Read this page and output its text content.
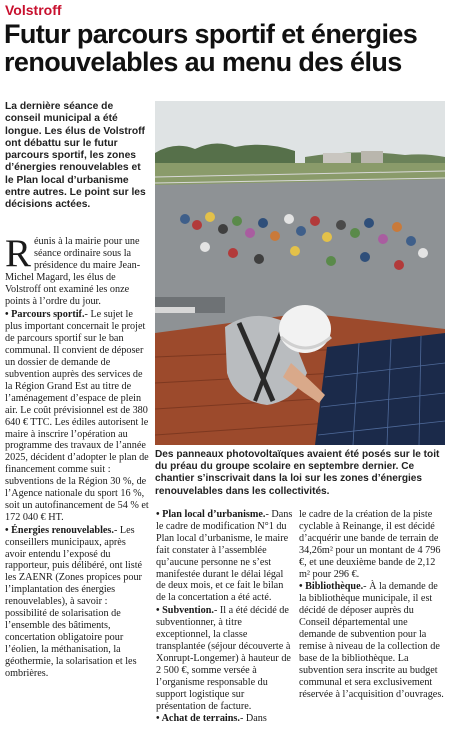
Volstroff
Futur parcours sportif et énergies renouvelables au menu des élus

La dernière séance de conseil municipal a été longue. Les élus de Volstroff ont débattu sur le futur parcours sportif, les zones d’énergies renouvelables et le Plan local d’urbanisme entre autres. Le point sur les décisions actées.

Des panneaux photovoltaïques avaient été posés sur le toit du préau du groupe scolaire en septembre dernier. Ce chantier s’inscrivait dans la loi sur les zones d’énergies renouvelables dans les collectivités.

Réunis à la mairie pour une séance ordinaire sous la présidence du maire Jean-Michel Magard, les élus de Volstroff ont examiné les onze points à l’ordre du jour.

• Parcours sportif.- Le sujet le plus important concernait le projet de parcours sportif sur le ban communal. Il convient de déposer un dossier de demande de subvention auprès des services de la Région Grand Est au titre de l’aménagement d’espace de plein air. Le coût prévisionnel est de 380 640 € TTC. Les édiles autorisent le maire à inscrire l’opération au programme des travaux de l’année 2025, décident d’adopter le plan de financement comme suit : subventions de la Région 30 %, de l’Agence nationale du sport 16 %, soit un autofinancement de 54 % et 172 040 € HT.

• Énergies renouvelables.- Les conseillers municipaux, après avoir entendu l’exposé du rapporteur, puis délibéré, ont listé les ZAENR (Zones propices pour l’implantation des énergies renouvelables), à savoir : possibilité de solarisation de l’ensemble des bâtiments, concertation obligatoire pour l’éolien, la méthanisation, la géothermie, la solarisation et les ombrières.

• Plan local d’urbanisme.- Dans le cadre de modification N°1 du Plan local d’urbanisme, le maire fait constater à l’assemblée qu’aucune personne ne s’est manifestée durant le délai légal de deux mois, et ce fait le bilan de la concertation a été acté.

• Subvention.- Il a été décidé de subventionner, à titre exceptionnel, la classe transplantée (séjour découverte à Xonrupt-Longemer) à hauteur de 2 500 €, somme versée à l’organisme responsable du support logistique sur présentation de facture.

• Achat de terrains.- Dans

le cadre de la création de la piste cyclable à Reinange, il est décidé d’acquérir une bande de terrain de 34,26m² pour un montant de 4 796 €, et une deuxième bande de 2,12 m² pour 296 €.

• Bibliothèque.- À la demande de la bibliothèque municipale, il est décidé de déposer auprès du Conseil départemental une demande de subvention pour la remise à niveau de la collection de base de la bibliothèque. La subvention sera inscrite au budget communal et sera exclusivement réservée à l’acquisition d’ouvrages.
